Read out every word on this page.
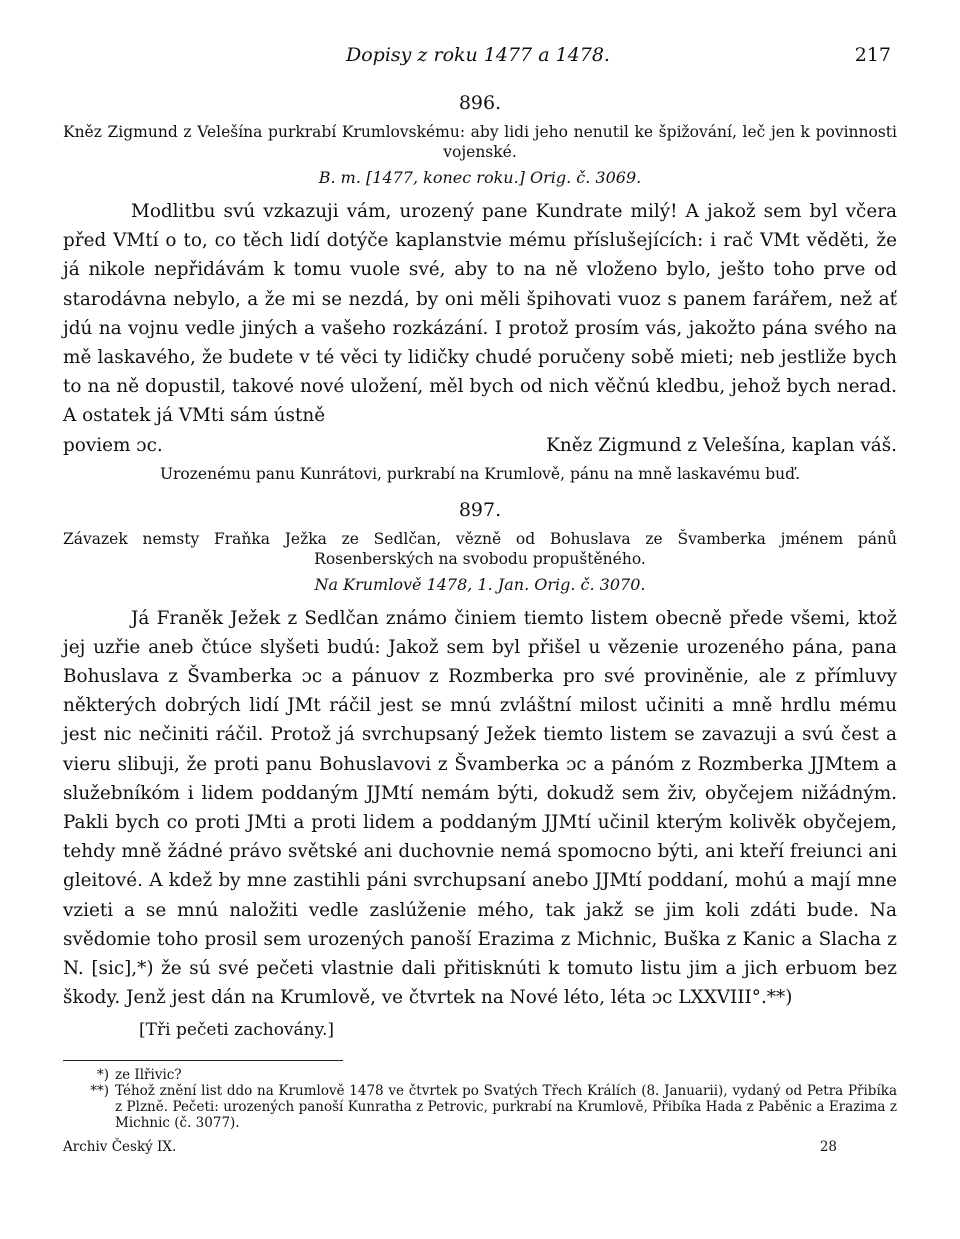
Dopisy z roku 1477 a 1478.	217
896.

Kněz Zigmund z Velešína purkrabí Krumlovskému: aby lidi jeho nenutil ke špižování, leč jen k povinnosti vojenské.

B. m. [1477, konec roku.] Orig. č. 3069.

Modlitbu svú vzkazuji vám, urozený pane Kundrate milý! A jakož sem byl včera před VMtí o to, co těch lidí dotýče kaplanstvie mému příslušejících: i rač VMt věděti, že já nikole nepřidávám k tomu vuole své, aby to na ně vloženo bylo, ješto toho prve od starodávna nebylo, a že mi se nezdá, by oni měli špihovati vuoz s panem farářem, než ať jdú na vojnu vedle jiných a vašeho rozkázání. I protož prosím vás, jakožto pána svého na mě laskavého, že budete v té věci ty lidičky chudé poručeny sobě mieti; neb jestliže bych to na ně dopustil, takové nové uložení, měl bych od nich věčnú kledbu, jehož bych nerad. A ostatek já VMti sám ústně

poviem ɔc.	Kněz Zigmund z Velešína, kaplan váš.
Urozenému panu Kunrátovi, purkrabí na Krumlově, pánu na mně laskavému buď.
897.

Závazek nemsty Fraňka Ježka ze Sedlčan, vězně od Bohuslava ze Švamberka jménem pánů Rosenberských na svobodu propuštěného.

Na Krumlově 1478, 1. Jan. Orig. č. 3070.

Já Franěk Ježek z Sedlčan známo činiem tiemto listem obecně přede všemi, ktož jej uzřie aneb čtúce slyšeti budú: Jakož sem byl přišel u vězenie urozeného pána, pana Bohuslava z Švamberka ɔc a pánuov z Rozmberka pro své proviněnie, ale z přímluvy některých dobrých lidí JMt ráčil jest se mnú zvláštní milost učiniti a mně hrdlu mému jest nic nečiniti ráčil. Protož já svrchupsaný Ježek tiemto listem se zavazuji a svú čest a vieru slibuji, že proti panu Bohuslavovi z Švamberka ɔc a pánóm z Rozmberka JJMtem a služebníkóm i lidem poddaným JJMtí nemám býti, dokudž sem živ, obyčejem nižádným. Pakli bych co proti JMti a proti lidem a poddaným JJMtí učinil kterým kolivěk obyčejem, tehdy mně žádné právo světské ani duchovnie nemá spomocno býti, ani kteří freiunci ani gleitové. A kdež by mne zastihli páni svrchupsaní anebo JJMtí poddaní, mohú a mají mne vzieti a se mnú naložiti vedle zaslúženie mého, tak jakž se jim koli zdáti bude. Na svědomie toho prosil sem urozených panoší Erazima z Michnic, Buška z Kanic a Slacha z N. [sic],*) že sú své pečeti vlastnie dali přitisknúti k tomuto listu jim a jich erbuom bez škody. Jenž jest dán na Krumlově, ve čtvrtek na Nové léto, léta ɔc LXXVIII°.**)

[Tři pečeti zachovány.]
*) ze Ilřivic?
**) Téhož znění list ddo na Krumlově 1478 ve čtvrtek po Svatých Třech Králích (8. Januarii), vydaný od Petra Přibíka z Plzně. Pečeti: urozených panoší Kunratha z Petrovic, purkrabí na Krumlově, Přibíka Hada z Paběnic a Erazima z Michnic (č. 3077).
Archiv Český IX.	28
